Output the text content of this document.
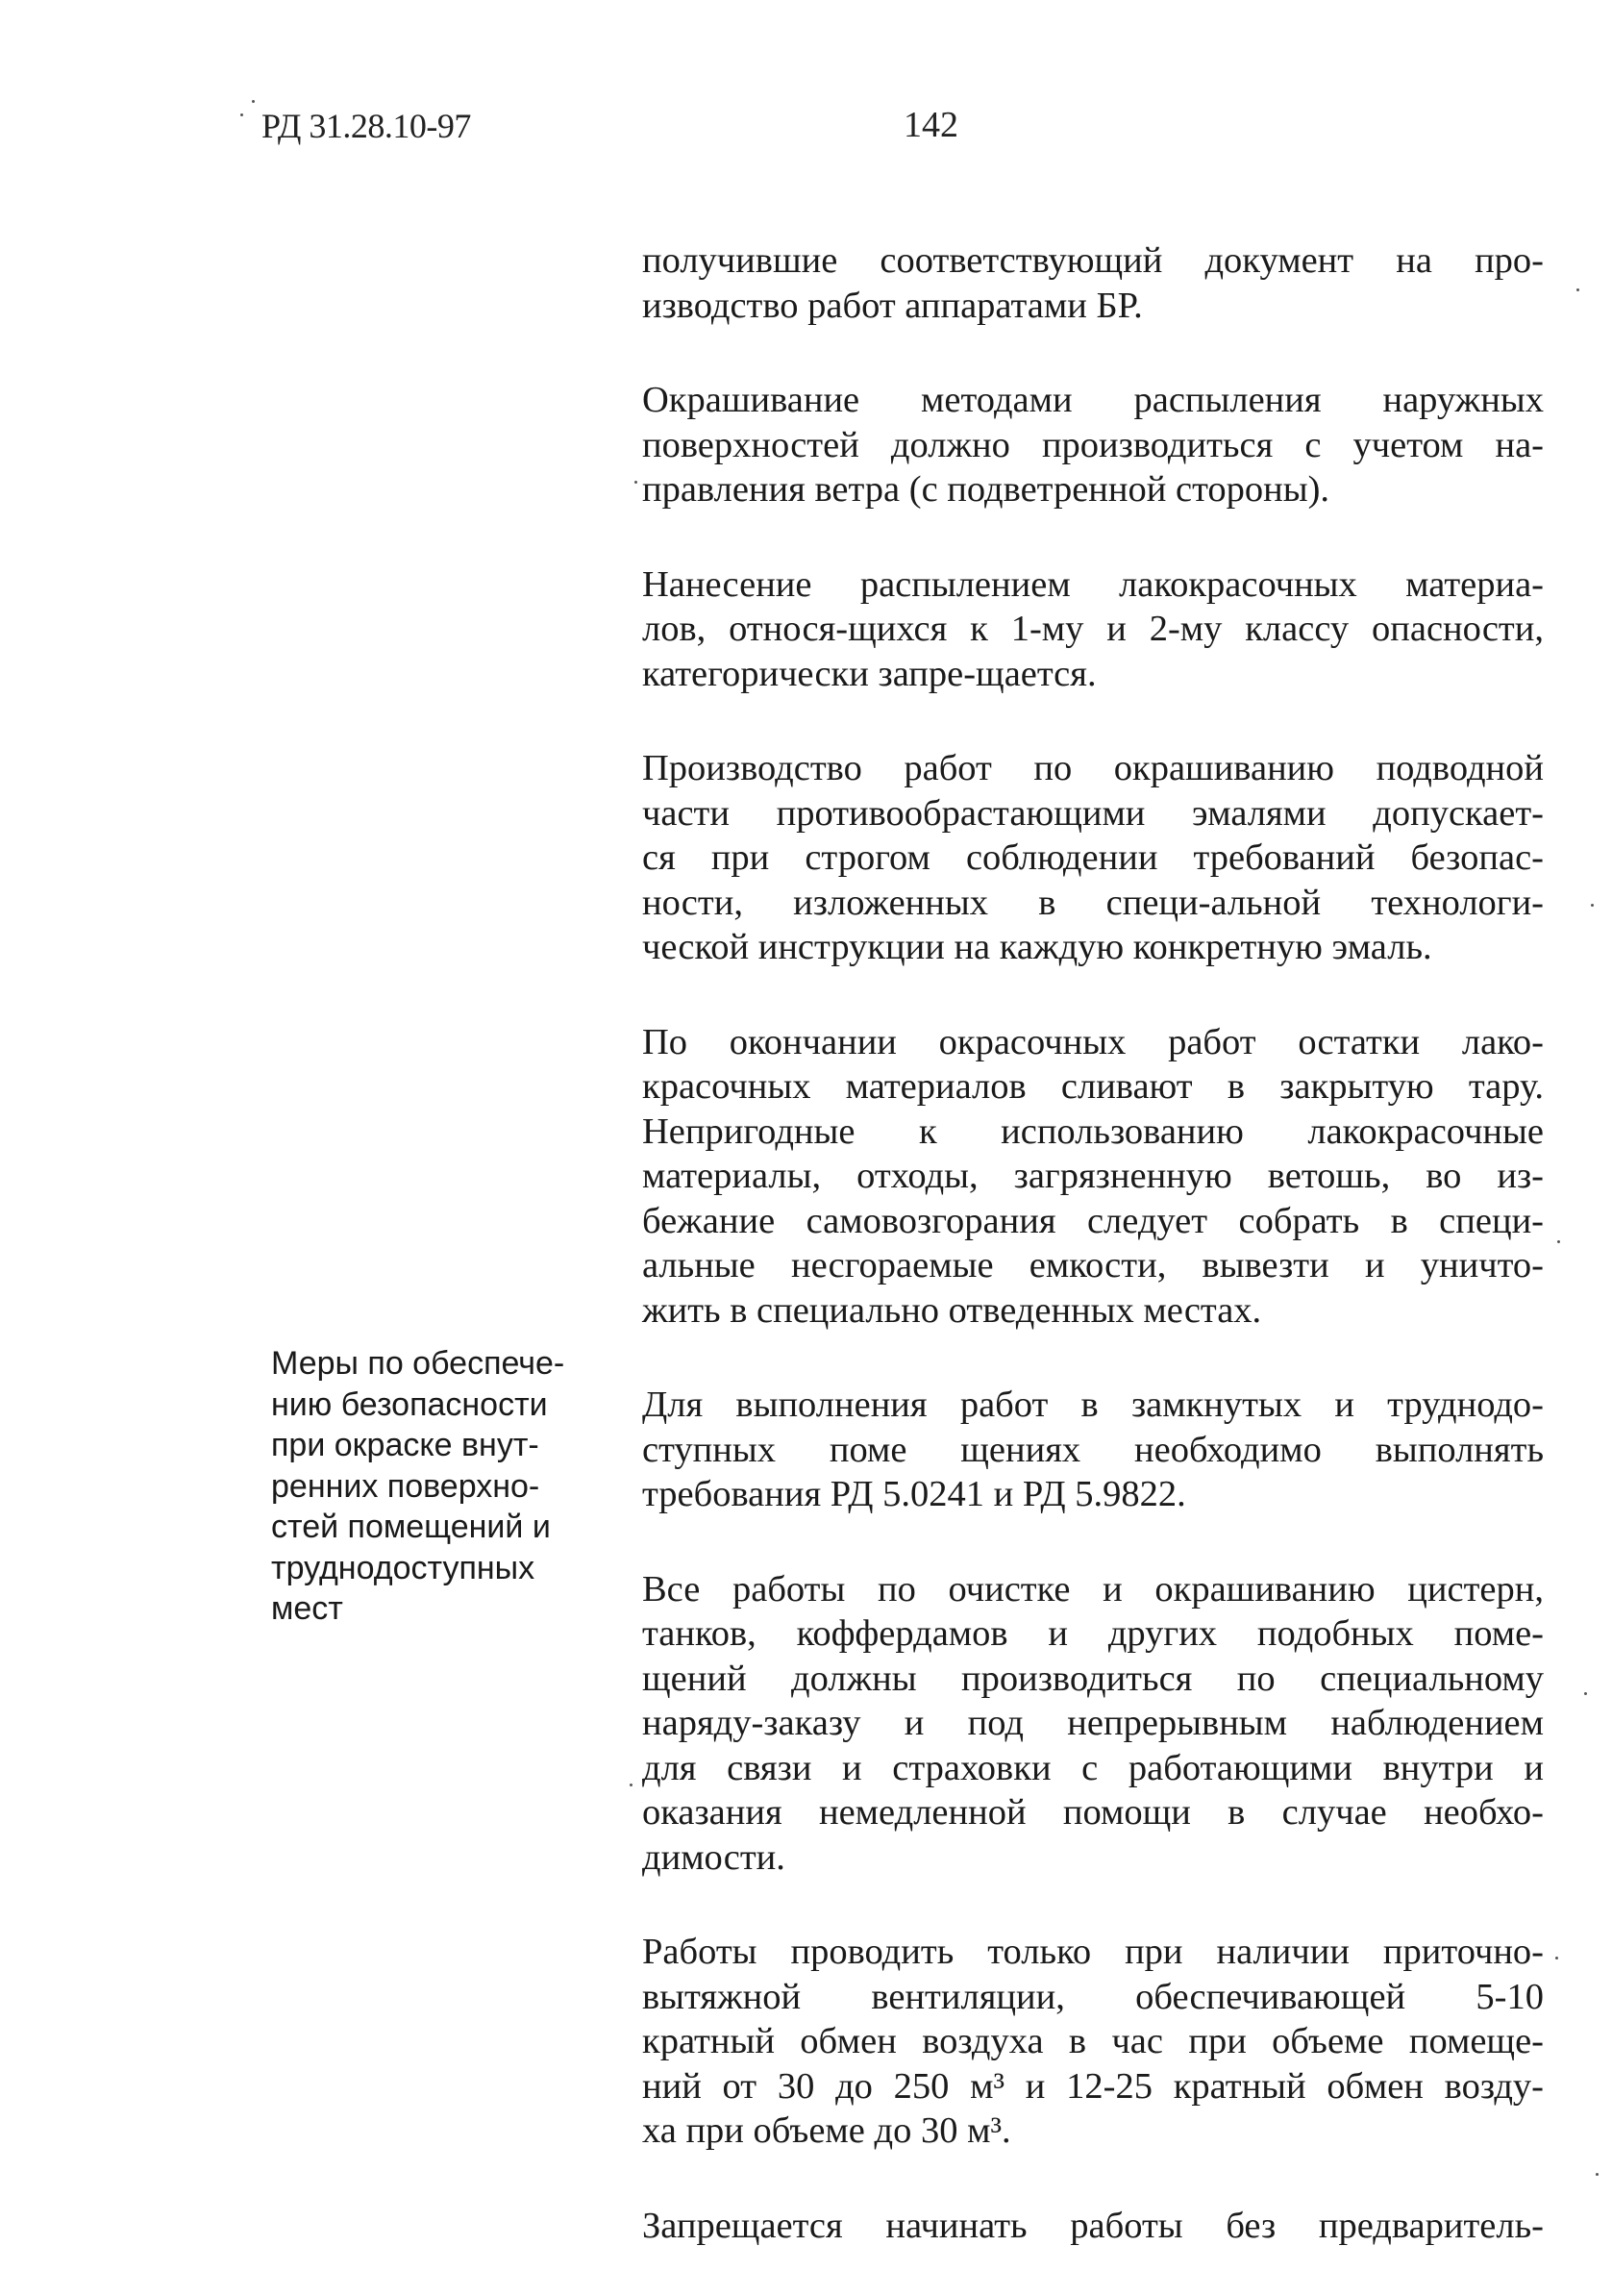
РД 31.28.10-97	142
Меры по обеспече-
нию безопасности
при окраске внут-
ренних поверхно-
стей помещений и
труднодоступных
мест

получившие соответствующий документ на про-
изводство работ аппаратами БР.

Окрашивание методами распыления наружных
поверхностей должно производиться с учетом на-
правления ветра (с подветренной стороны).

Нанесение распылением лакокрасочных материа-
лов, относя-щихся к 1-му и 2-му классу опасности,
категорически запре-щается.

Производство работ по окрашиванию подводной
части противообрастающими эмалями допускает-
ся при строгом соблюдении требований безопас-
ности, изложенных в специ-альной технологи-
ческой инструкции на каждую конкретную эмаль.

По окончании окрасочных работ остатки лако-
красочных материалов сливают в закрытую тару.
Непригодные к использованию лакокрасочные
материалы, отходы, загрязненную ветошь, во из-
бежание самовозгорания следует собрать в специ-
альные несгораемые емкости, вывезти и уничто-
жить в специально отведенных местах.

Для выполнения работ в замкнутых и труднодо-
ступных поме щениях необходимо выполнять
требования РД 5.0241 и РД 5.9822.

Все работы по очистке и окрашиванию цистерн,
танков, коффердамов и других подобных поме-
щений должны производиться по специальному
наряду-заказу и под непрерывным наблюдением
для связи и страховки с работающими внутри и
оказания немедленной помощи в случае необхо-
димости.

Работы проводить только при наличии приточно-
вытяжной вентиляции, обеспечивающей 5-10
кратный обмен воздуха в час при объеме помеще-
ний от 30 до 250 м³ и 12-25 кратный обмен возду-
ха при объеме до 30 м³.

Запрещается начинать работы без предваритель-
